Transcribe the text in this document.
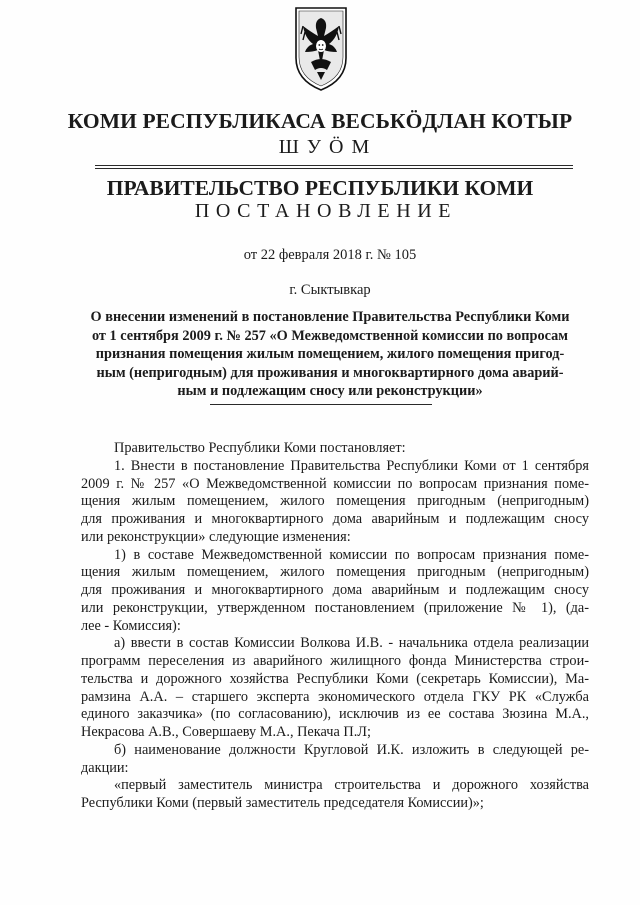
КОМИ РЕСПУБЛИКАСА ВЕСЬКӦДЛАН КОТЫР
ШУӦМ
ПРАВИТЕЛЬСТВО РЕСПУБЛИКИ КОМИ
ПОСТАНОВЛЕНИЕ
от 22 февраля 2018 г. № 105
г. Сыктывкар
О внесении изменений в постановление Правительства Республики Коми
от 1 сентября 2009 г. № 257 «О Межведомственной комиссии по вопросам
признания помещения жилым помещением, жилого помещения пригод-
ным (непригодным) для проживания и многоквартирного дома аварий-
ным и подлежащим сносу или реконструкции»
Правительство Республики Коми постановляет:
1. Внести в постановление Правительства Республики Коми от 1 сентября
2009 г. № 257 «О Межведомственной комиссии по вопросам признания поме-
щения жилым помещением, жилого помещения пригодным (непригодным)
для проживания и многоквартирного дома аварийным и подлежащим сносу
или реконструкции» следующие изменения:
1) в составе Межведомственной комиссии по вопросам признания поме-
щения жилым помещением, жилого помещения пригодным (непригодным)
для проживания и многоквартирного дома аварийным и подлежащим сносу
или реконструкции, утвержденном постановлением (приложение № 1), (да-
лее - Комиссия):
а) ввести в состав Комиссии Волкова И.В. - начальника отдела реализации
программ переселения из аварийного жилищного фонда Министерства строи-
тельства и дорожного хозяйства Республики Коми (секретарь Комиссии), Ма-
рамзина А.А. – старшего эксперта экономического отдела ГКУ РК «Служба
единого заказчика» (по согласованию), исключив из ее состава Зюзина М.А.,
Некрасова А.В., Совершаеву М.А., Пекача П.Л;
б) наименование должности Кругловой И.К. изложить в следующей ре-
дакции:
«первый заместитель министра строительства и дорожного хозяйства
Республики Коми (первый заместитель председателя Комиссии)»;
